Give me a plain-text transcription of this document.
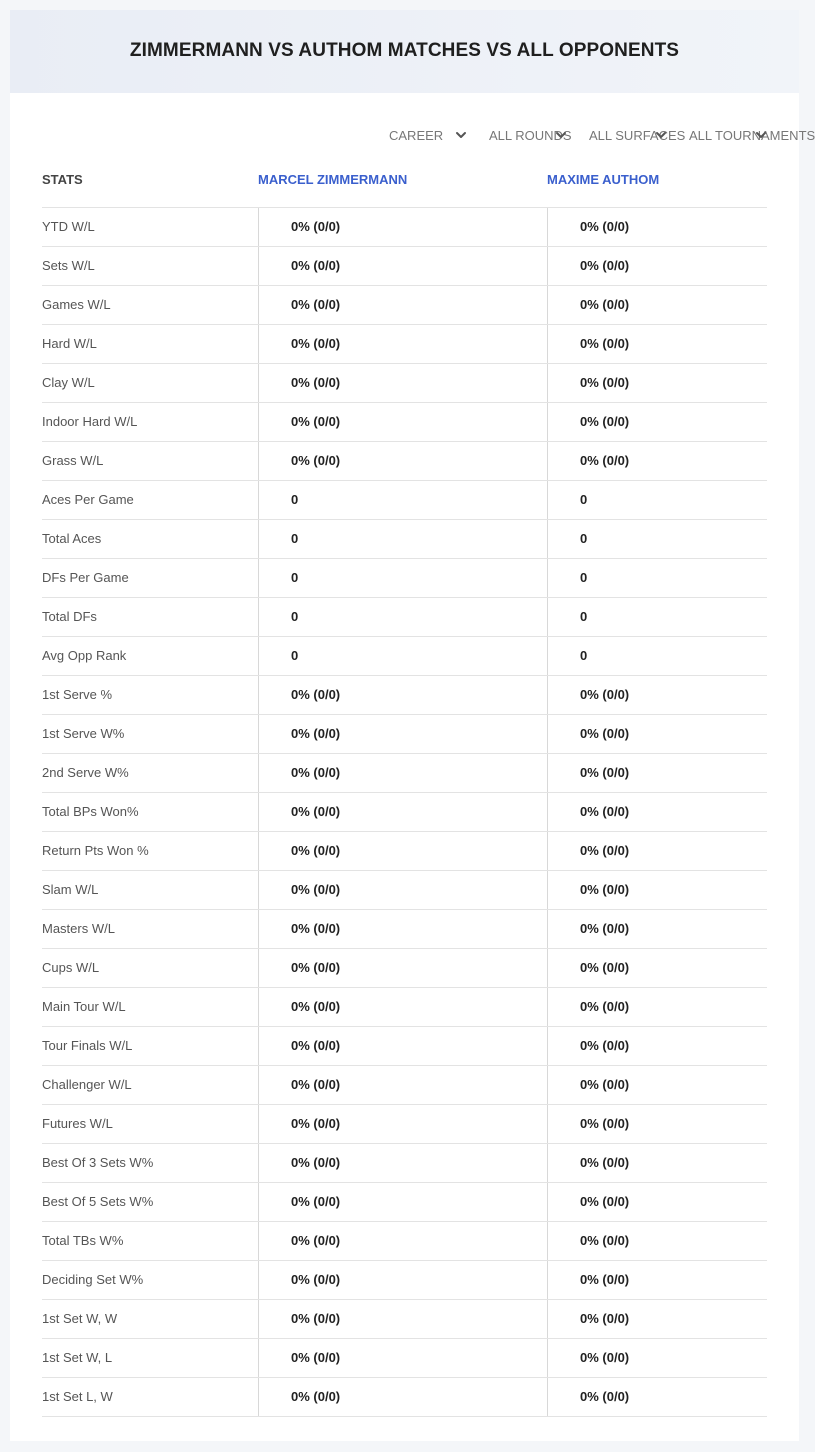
ZIMMERMANN VS AUTHOM MATCHES VS ALL OPPONENTS
CAREER	ALL ROUNDS ALL SURFACES ALL TOURNAMENTS
STATS	MARCEL ZIMMERMANN	MAXIME AUTHOM
YTD W/L	0% (0/0)	0% (0/0)
Sets W/L	0% (0/0)	0% (0/0)
Games W/L	0% (0/0)	0% (0/0)
Hard W/L	0% (0/0)	0% (0/0)
Clay W/L	0% (0/0)	0% (0/0)
Indoor Hard W/L	0% (0/0)	0% (0/0)
Grass W/L	0% (0/0)	0% (0/0)
Aces Per Game	0	0
Total Aces	0	0
DFs Per Game	0	0
Total DFs	0	0
Avg Opp Rank	0	0
1st Serve %	0% (0/0)	0% (0/0)
1st Serve W%	0% (0/0)	0% (0/0)
2nd Serve W%	0% (0/0)	0% (0/0)
Total BPs Won%	0% (0/0)	0% (0/0)
Return Pts Won %	0% (0/0)	0% (0/0)
Slam W/L	0% (0/0)	0% (0/0)
Masters W/L	0% (0/0)	0% (0/0)
Cups W/L	0% (0/0)	0% (0/0)
Main Tour W/L	0% (0/0)	0% (0/0)
Tour Finals W/L	0% (0/0)	0% (0/0)
Challenger W/L	0% (0/0)	0% (0/0)
Futures W/L	0% (0/0)	0% (0/0)
Best Of 3 Sets W%	0% (0/0)	0% (0/0)
Best Of 5 Sets W%	0% (0/0)	0% (0/0)
Total TBs W%	0% (0/0)	0% (0/0)
Deciding Set W%	0% (0/0)	0% (0/0)
1st Set W, W	0% (0/0)	0% (0/0)
1st Set W, L	0% (0/0)	0% (0/0)
1st Set L, W	0% (0/0)	0% (0/0)
